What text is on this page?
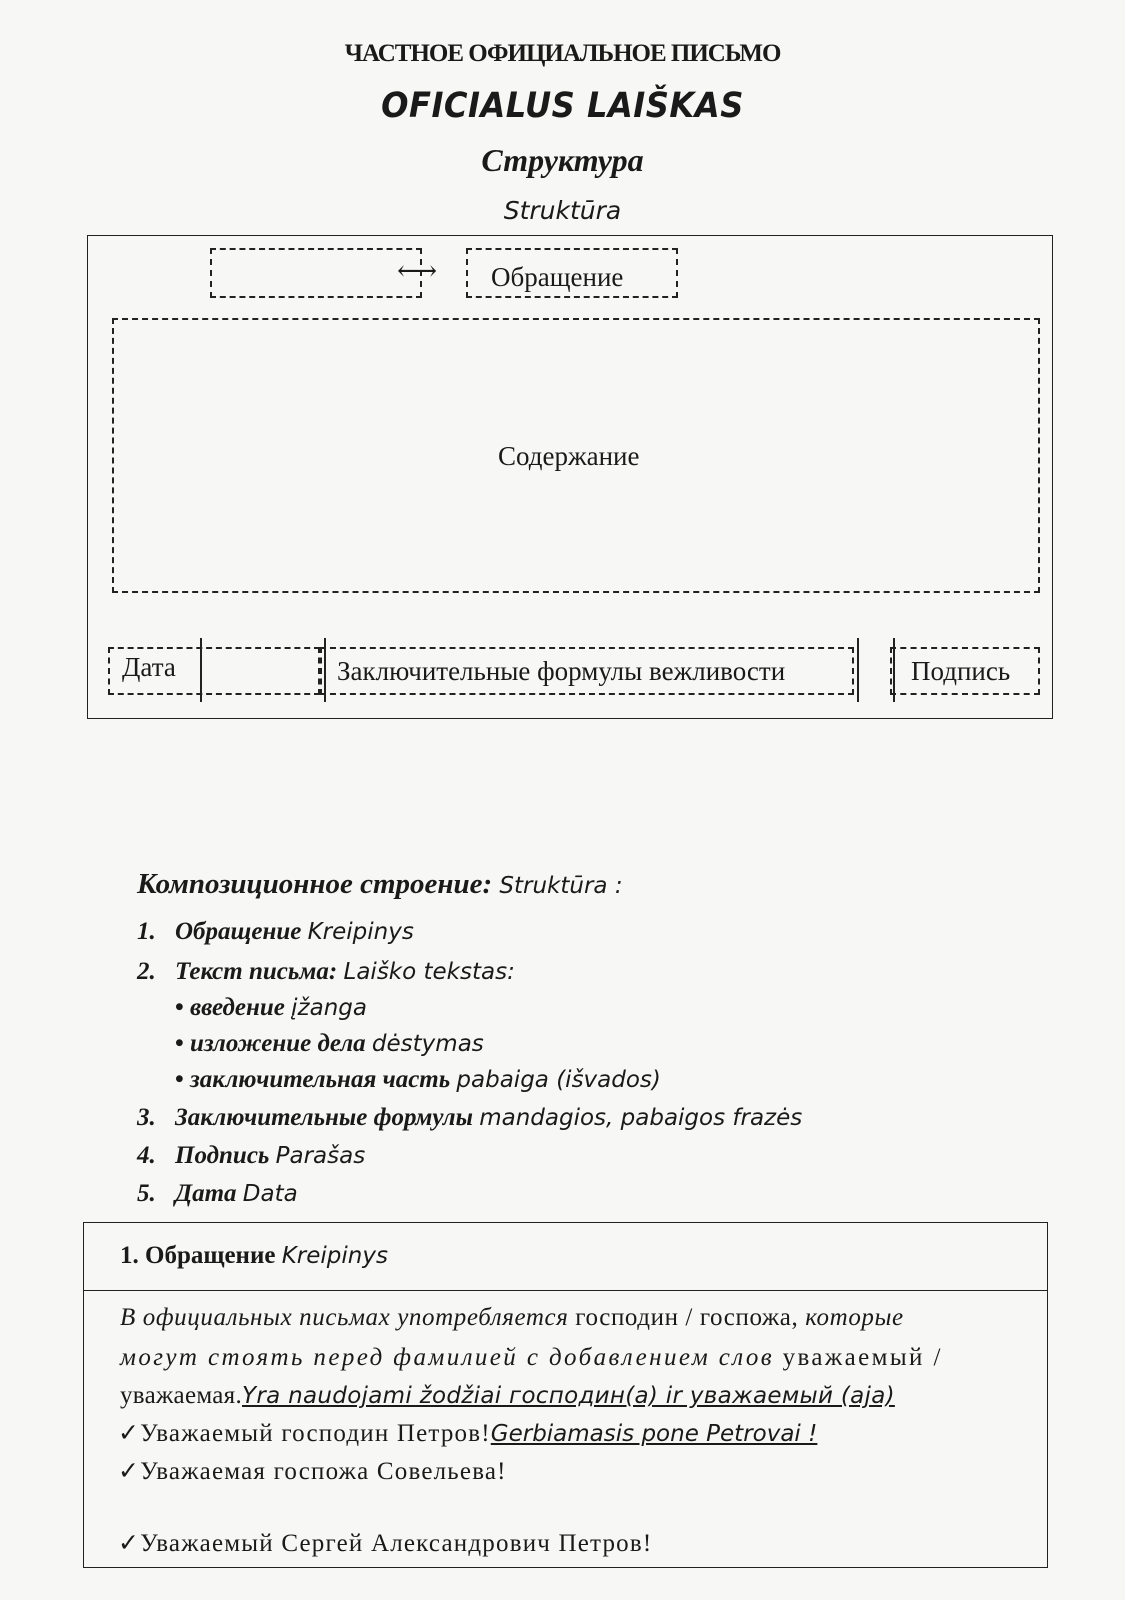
ЧАСТНОЕ ОФИЦИАЛЬНОЕ ПИСЬМО
OFICIALUS LAIŠKAS
Структура
Struktūra
⟷ Обращение
Содержание
Дата	Заключительные формулы вежливости	Подпись
Композиционное строение: Struktūra :
1. Обращение Kreipinys
2. Текст письма: Laiško tekstas:
• введение įžanga
• изложение дела dėstymas
• заключительная часть pabaiga (išvados)
3. Заключительные формулы mandagios, pabaigos frazės
4. Подпись Parašas
5. Дата Data
1. Обращение Kreipinys
В официальных письмах употребляется господин / госпожа, которые
могут стоять перед фамилией с добавлением слов уважаемый /
уважаемая.Yra naudojami žodžiai господин(а) ir уважаемый (aja)
✓Уважаемый господин Петров!Gerbiamasis pone Petrovai !
✓Уважаемая госпожа Совельева!
✓Уважаемый Сергей Александрович Петров!
